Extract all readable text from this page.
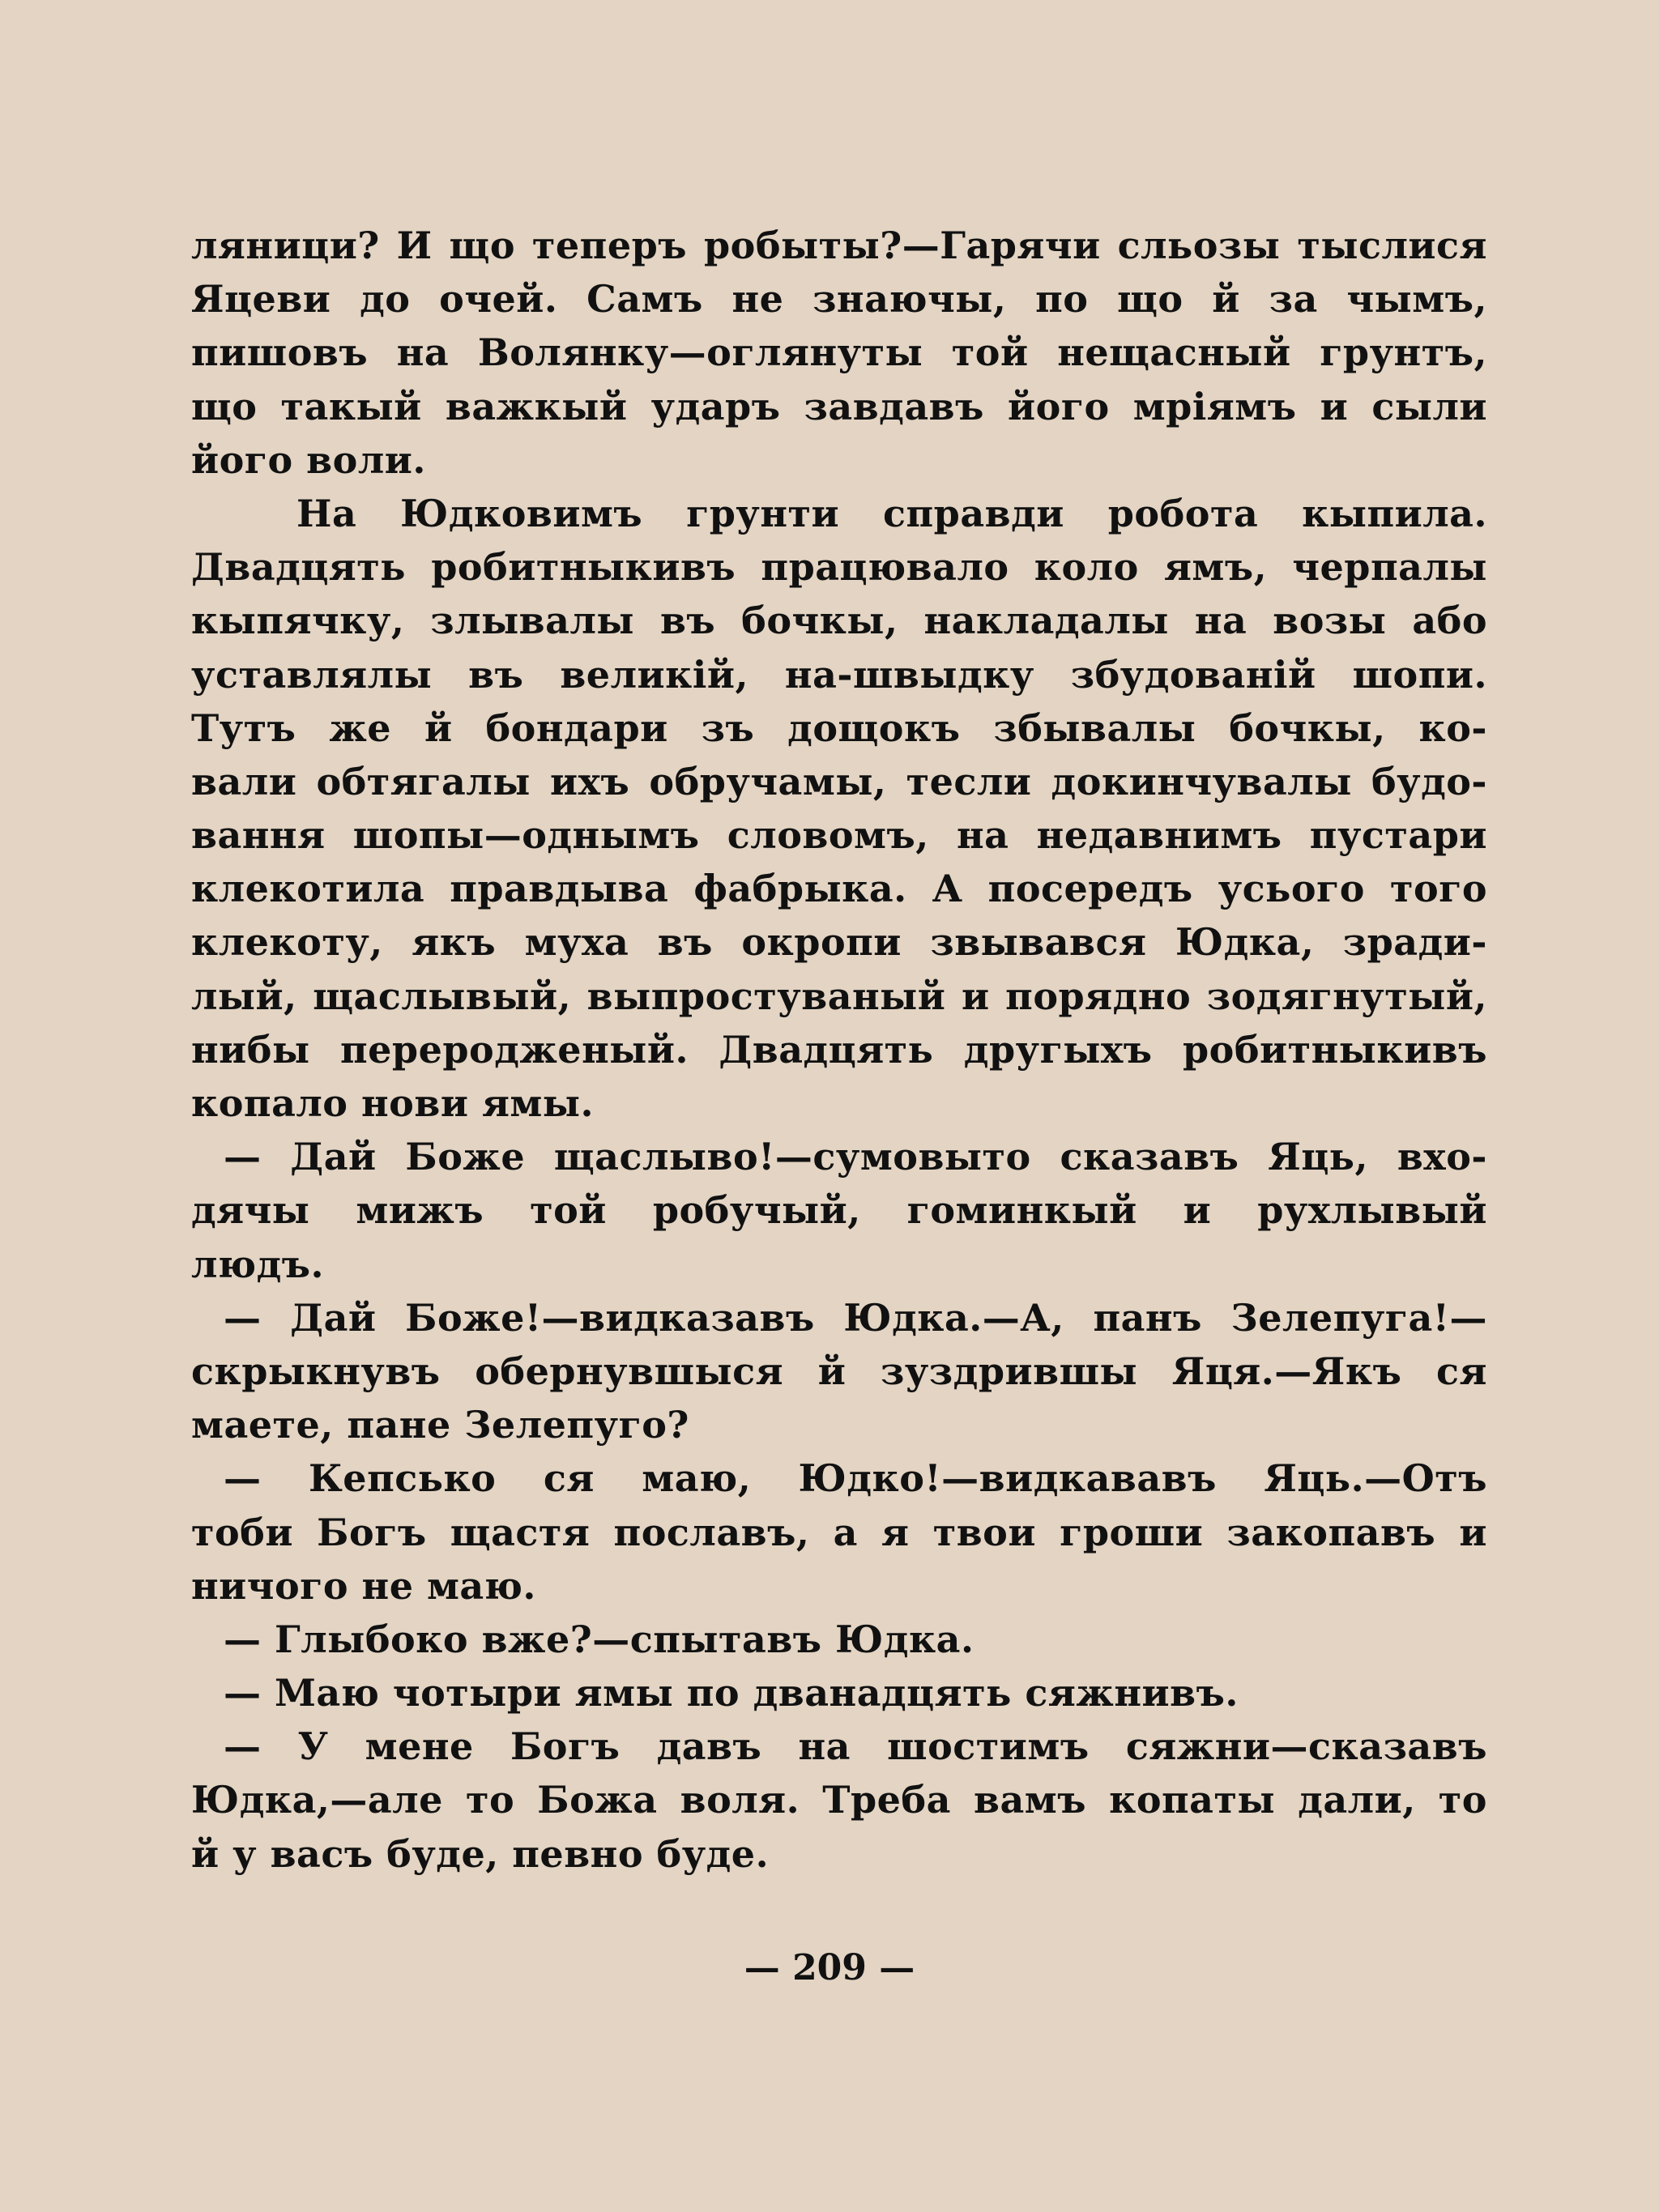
ляници? И що теперъ робыты?—Гарячи сльозы тыслися
Яцеви до очей. Самъ не знаючы, по що й за чымъ,
пишовъ на Волянку—оглянуты той нещасный грунтъ,
що такый важкый ударъ завдавъ його мріямъ и сыли
його воли.
На Юдковимъ грунти справди робота кыпила.
Двадцять робитныкивъ працювало коло ямъ, черпалы
кыпячку, злывалы въ бочкы, накладалы на возы або
уставлялы въ великій, на-швыдку збудованій шопи.
Тутъ же й бондари зъ дощокъ збывалы бочкы, ко-
вали обтягалы ихъ обручамы, тесли докинчувалы будо-
вання шопы—однымъ словомъ, на недавнимъ пустари
клекотила правдыва фабрыка. А посередъ усього того
клекоту, якъ муха въ окропи звывався Юдка, зради-
лый, щаслывый, выпростуваный и порядно зодягнутый,
нибы переродженый. Двадцять другыхъ робитныкивъ
копало нови ямы.
— Дай Боже щаслыво!—сумовыто сказавъ Яць, вхо-
дячы мижъ той робучый, гоминкый и рухлывый
людъ.
— Дай Боже!—видказавъ Юдка.—А, панъ Зелепуга!—
скрыкнувъ обернувшыся й зуздрившы Яця.—Якъ ся
маете, пане Зелепуго?
— Кепсько ся маю, Юдко!—видкававъ Яць.—Отъ
тоби Богъ щастя пославъ, а я твои гроши закопавъ и
ничого не маю.
— Глыбоко вже?—спытавъ Юдка.
— Маю чотыри ямы по дванадцять сяжнивъ.
— У мене Богъ давъ на шостимъ сяжни—сказавъ
Юдка,—але то Божа воля. Треба вамъ копаты дали, то
й у васъ буде, певно буде.
— 209 —
